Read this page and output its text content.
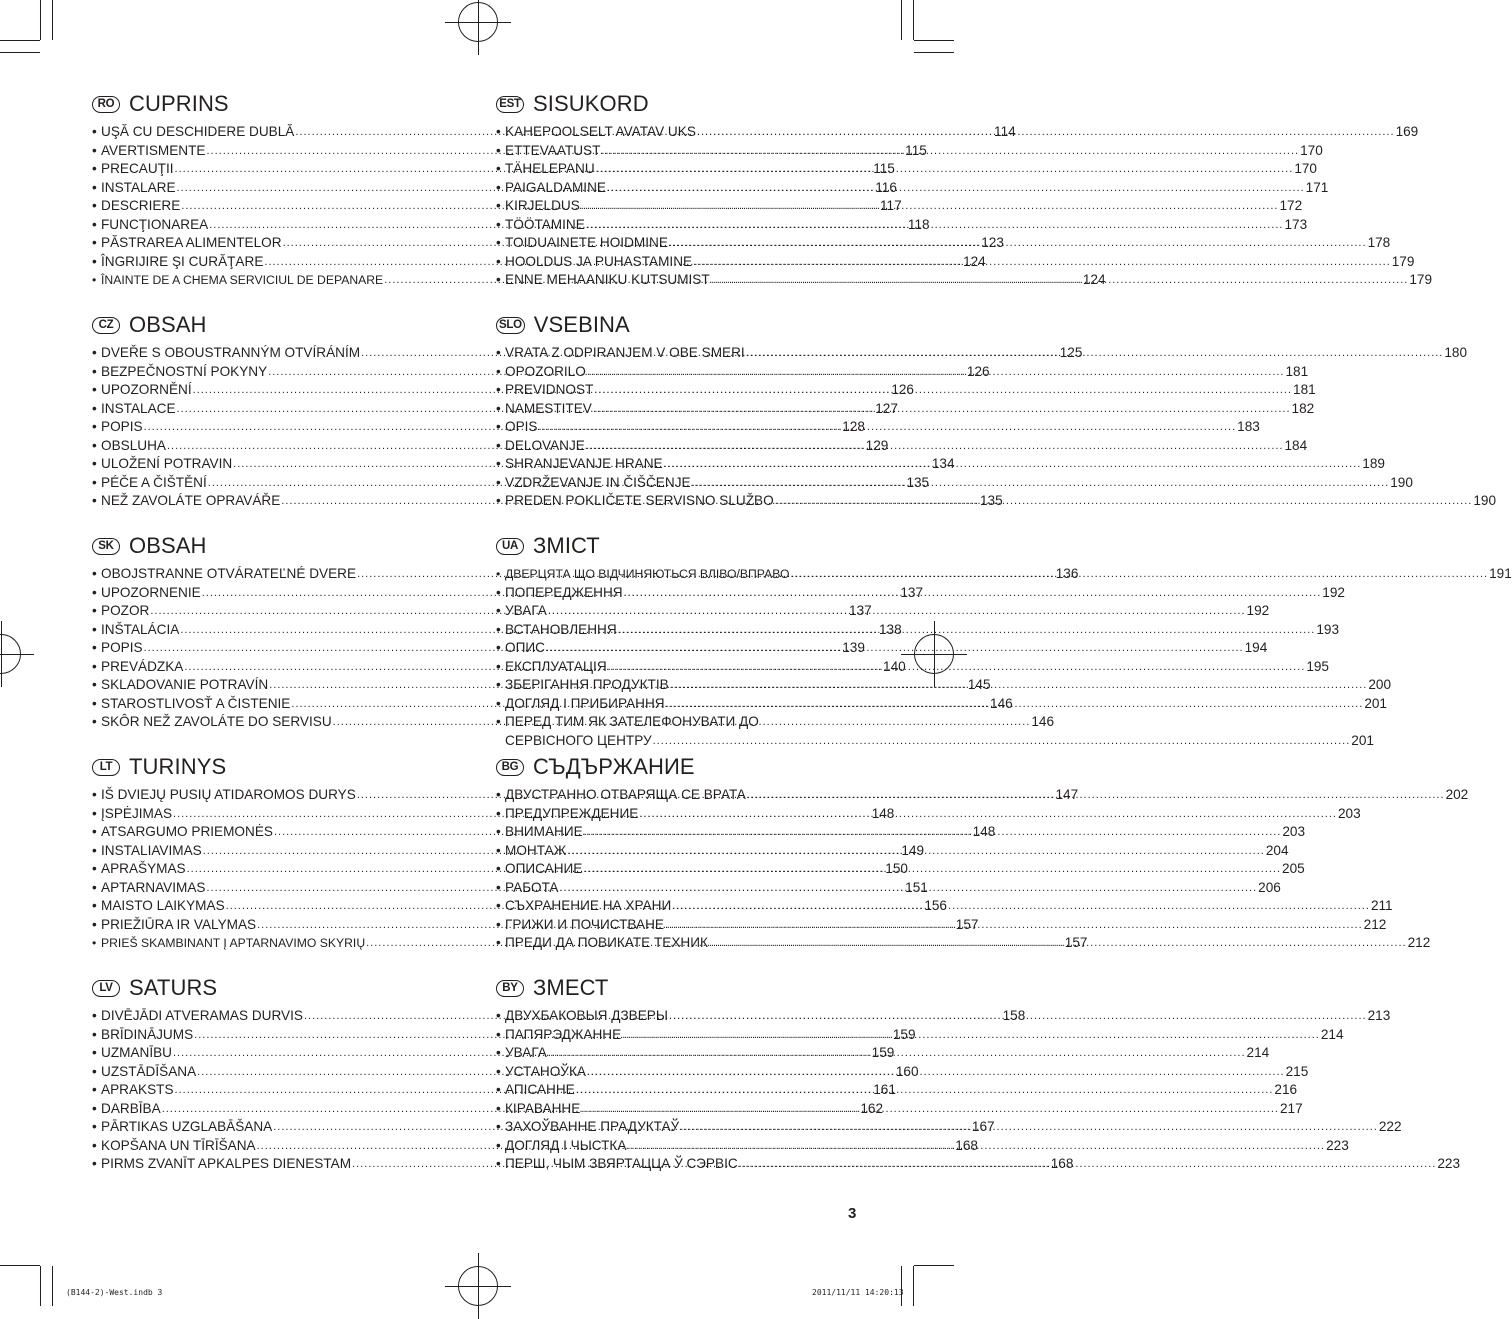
RO CUPRINS
• UŞĂ CU DESCHIDERE DUBLĂ .....	114
• AVERTISMENTE .....	115
• PRECAUŢII .....	115
• INSTALARE .....	116
• DESCRIERE .....	117
• FUNCŢIONAREA .....	118
• PĂSTRAREA ALIMENTELOR .....	123
• ÎNGRIJIRE ŞI CURĂŢARE .....	124
• ÎNAINTE DE A CHEMA SERVICIUL DE DEPANARE .....	124
CZ OBSAH
• DVEŘE S OBOUSTRANNÝM OTVÍRÁNÍM .....	125
• BEZPEČNOSTNÍ POKYNY .....	126
• UPOZORNĚNÍ .....	126
• INSTALACE .....	127
• POPIS .....	128
• OBSLUHA .....	129
• ULOŽENÍ POTRAVIN .....	134
• PÉČE A ČIŠTĚNÍ .....	135
• NEŽ ZAVOLÁTE OPRAVÁŘE .....	135
SK OBSAH
• OBOJSTRANNE OTVÁRATEĽNÉ DVERE .....	136
• UPOZORNENIE .....	137
• POZOR .....	137
• INŠTALÁCIA .....	138
• POPIS .....	139
• PREVÁDZKA .....	140
• SKLADOVANIE POTRAVÍN .....	145
• STAROSTLIVOSŤ A ČISTENIE .....	146
• SKÔR NEŽ ZAVOLÁTE DO SERVISU .....	146
LT TURINYS
• IŠ DVIEJŲ PUSIŲ ATIDAROMOS DURYS .....	147
• ĮSPĖJIMAS .....	148
• ATSARGUMO PRIEMONĖS .....	148
• INSTALIAVIMAS .....	149
• APRAŠYMAS .....	150
• APTARNAVIMAS .....	151
• MAISTO LAIKYMAS .....	156
• PRIEŽIŪRA IR VALYMAS .....	157
• PRIEŠ SKAMBINANT Į APTARNAVIMO SKYRIŲ .....	157
LV SATURS
• DIVĒJĀDI ATVERAMAS DURVIS .....	158
• BRĪDINĀJUMS .....	159
• UZMANĪBU .....	159
• UZSTĀDĪŠANA .....	160
• APRAKSTS .....	161
• DARBĪBA .....	162
• PĀRTIKAS UZGLABĀŠANA .....	167
• KOPŠANA UN TĪRĪŠANA .....	168
• PIRMS ZVANĪT APKALPES DIENESTAM .....	168
EST SISUKORD
• KAHEPOOLSELT AVATAV UKS .....	169
• ETTEVAATUST .....	170
• TÄHELEPANU .....	170
• PAIGALDAMINE .....	171
• KIRJELDUS .....	172
• TÖÖTAMINE .....	173
• TOIDUAINETE HOIDMINE .....	178
• HOOLDUS JA PUHASTAMINE .....	179
• ENNE MEHAANIKU KUTSUMIST .....	179
SLO VSEBINA
• VRATA Z ODPIRANJEM V OBE SMERI .....	180
• OPOZORILO .....	181
• PREVIDNOST .....	181
• NAMESTITEV .....	182
• OPIS .....	183
• DELOVANJE .....	184
• SHRANJEVANJE HRANE .....	189
• VZDRŽEVANJE IN ČIŠČENJE .....	190
• PREDEN POKLIČETE SERVISNO SLUŽBO .....	190
UA ЗМІСТ
• ДВЕРЦЯТА ЩО ВІДЧИНЯЮТЬСЯ ВЛІВО/ВПРАВО .....	191
• ПОПЕРЕДЖЕННЯ .....	192
• УВАГА .....	192
• ВСТАНОВЛЕННЯ .....	193
• ОПИС .....	194
• ЕКСПЛУАТАЦІЯ .....	195
• ЗБЕРІГАННЯ ПРОДУКТІВ .....	200
• ДОГЛЯД І ПРИБИРАННЯ .....	201
• ПЕРЕД ТИМ ЯК ЗАТЕЛЕФОНУВАТИ ДО
СЕРВІСНОГО ЦЕНТРУ .....	201
BG СЪДЪРЖАНИЕ
• ДВУСТРАННО ОТВАРЯЩА СЕ ВРАТА .....	202
• ПРЕДУПРЕЖДЕНИЕ .....	203
• ВНИМАНИЕ .....	203
• МОНТАЖ .....	204
• ОПИСАНИЕ .....	205
• РАБОТА .....	206
• СЪХРАНЕНИЕ НА ХРАНИ .....	211
• ГРИЖИ И ПОЧИСТВАНЕ .....	212
• ПРЕДИ ДА ПОВИКАТЕ ТЕХНИК .....	212
BY ЗМЕСТ
• ДВУХБАКОВЫЯ ДЗВЕРЫ .....	213
• ПАПЯРЭДЖАННЕ .....	214
• УВАГА .....	214
• УСТАНОЎКА .....	215
• АПІСАННЕ .....	216
• КІРАВАННЕ .....	217
• ЗАХОЎВАННЕ ПРАДУКТАЎ .....	222
• ДОГЛЯД І ЧЫСТКА .....	223
• ПЕРШ, ЧЫМ ЗВЯРТАЦЦА Ў СЭРВІС .....	223
3
(B144-2)-West.indb 3	2011/11/11 14:20:13
